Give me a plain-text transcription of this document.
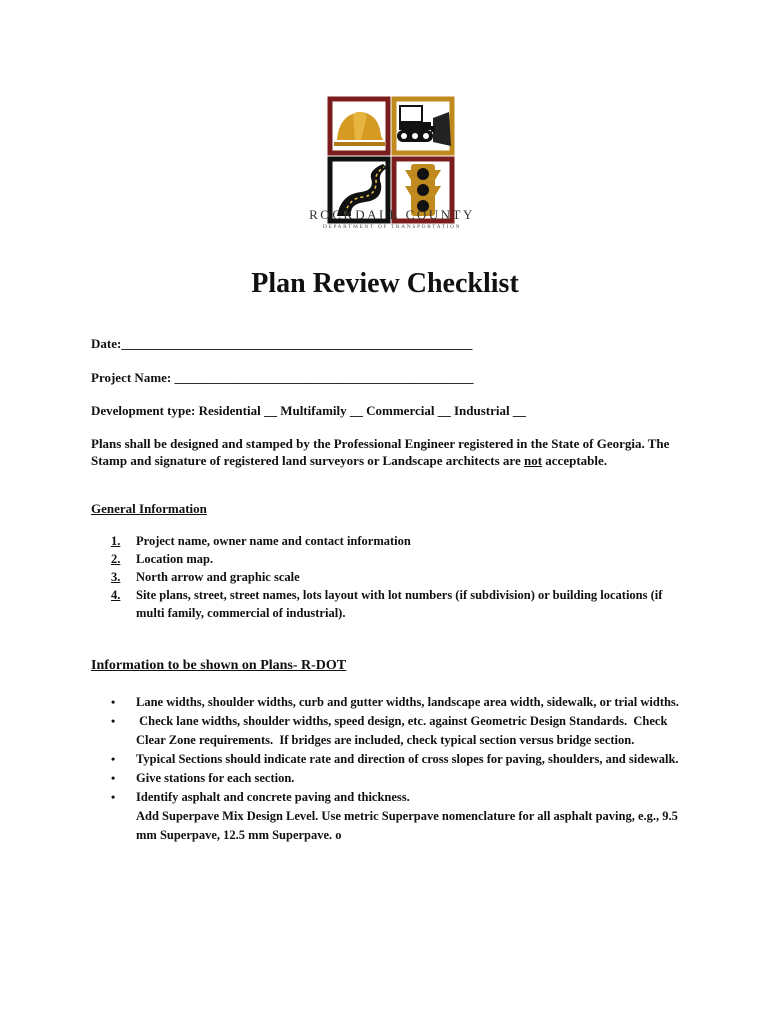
ROCKDALE COUNTY
DEPARTMENT OF TRANSPORTATION
Plan Review Checklist
Date:______________________________________________________
Project Name: ______________________________________________
Development type: Residential __ Multifamily __ Commercial __ Industrial __
Plans shall be designed and stamped by the Professional Engineer registered in the State of Georgia. The Stamp and signature of registered land surveyors or Landscape architects are not acceptable.
General Information
1.	Project name, owner name and contact information
2.	Location map.
3.	North arrow and graphic scale
4.	Site plans, street, street names, lots layout with lot numbers (if subdivision) or building locations (if multi family, commercial of industrial).
Information to be shown on Plans- R-DOT
•	Lane widths, shoulder widths, curb and gutter widths, landscape area width, sidewalk, or trial widths.
•	Check lane widths, shoulder widths, speed design, etc. against Geometric Design Standards.  Check Clear Zone requirements.  If bridges are included, check typical section versus bridge section.
•	Typical Sections should indicate rate and direction of cross slopes for paving, shoulders, and sidewalk.
•	Give stations for each section.
•	Identify asphalt and concrete paving and thickness.
Add Superpave Mix Design Level. Use metric Superpave nomenclature for all asphalt paving, e.g., 9.5 mm Superpave, 12.5 mm Superpave. o
